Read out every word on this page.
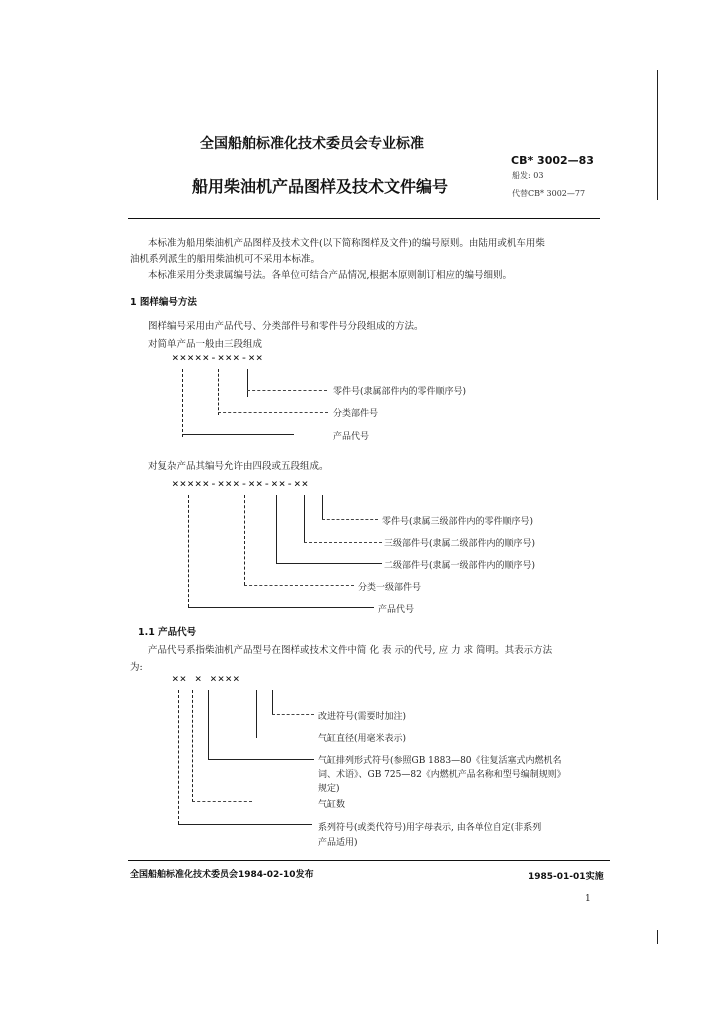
全国船舶标准化技术委员会专业标准
船用柴油机产品图样及技术文件编号
CB* 3002—83
船发: 03
代替CB* 3002—77
本标准为船用柴油机产品图样及技术文件(以下简称图样及文件)的编号原则。由陆用或机车用柴
油机系列派生的船用柴油机可不采用本标准。
本标准采用分类隶属编号法。各单位可结合产品情况,根据本原则制订相应的编号细则。
1 图样编号方法
图样编号采用由产品代号、分类部件号和零件号分段组成的方法。
对简单产品一般由三段组成
×××××-×××-××
零件号(隶属部件内的零件顺序号)
分类部件号
产品代号
对复杂产品其编号允许由四段或五段组成。
×××××-×××-××-××-××
零件号(隶属三级部件内的零件顺序号)
三级部件号(隶属二级部件内的顺序号)
二级部件号(隶属一级部件内的顺序号)
分类一级部件号
产品代号
1.1 产品代号
产品代号系指柴油机产品型号在图样或技术文件中简 化 表 示的代号, 应 力 求 简明。其表示方法
为:
×× × ××××
改进符号(需要时加注)
气缸直径(用毫米表示)
气缸排列形式符号(参照GB 1883—80《往复活塞式内燃机名
词、术语》、GB 725—82《内燃机产品名称和型号编制规则》
规定)
气缸数
系列符号(或类代符号)用字母表示, 由各单位自定(非系列
产品适用)
全国船舶标准化技术委员会1984-02-10发布	1985-01-01实施
1
